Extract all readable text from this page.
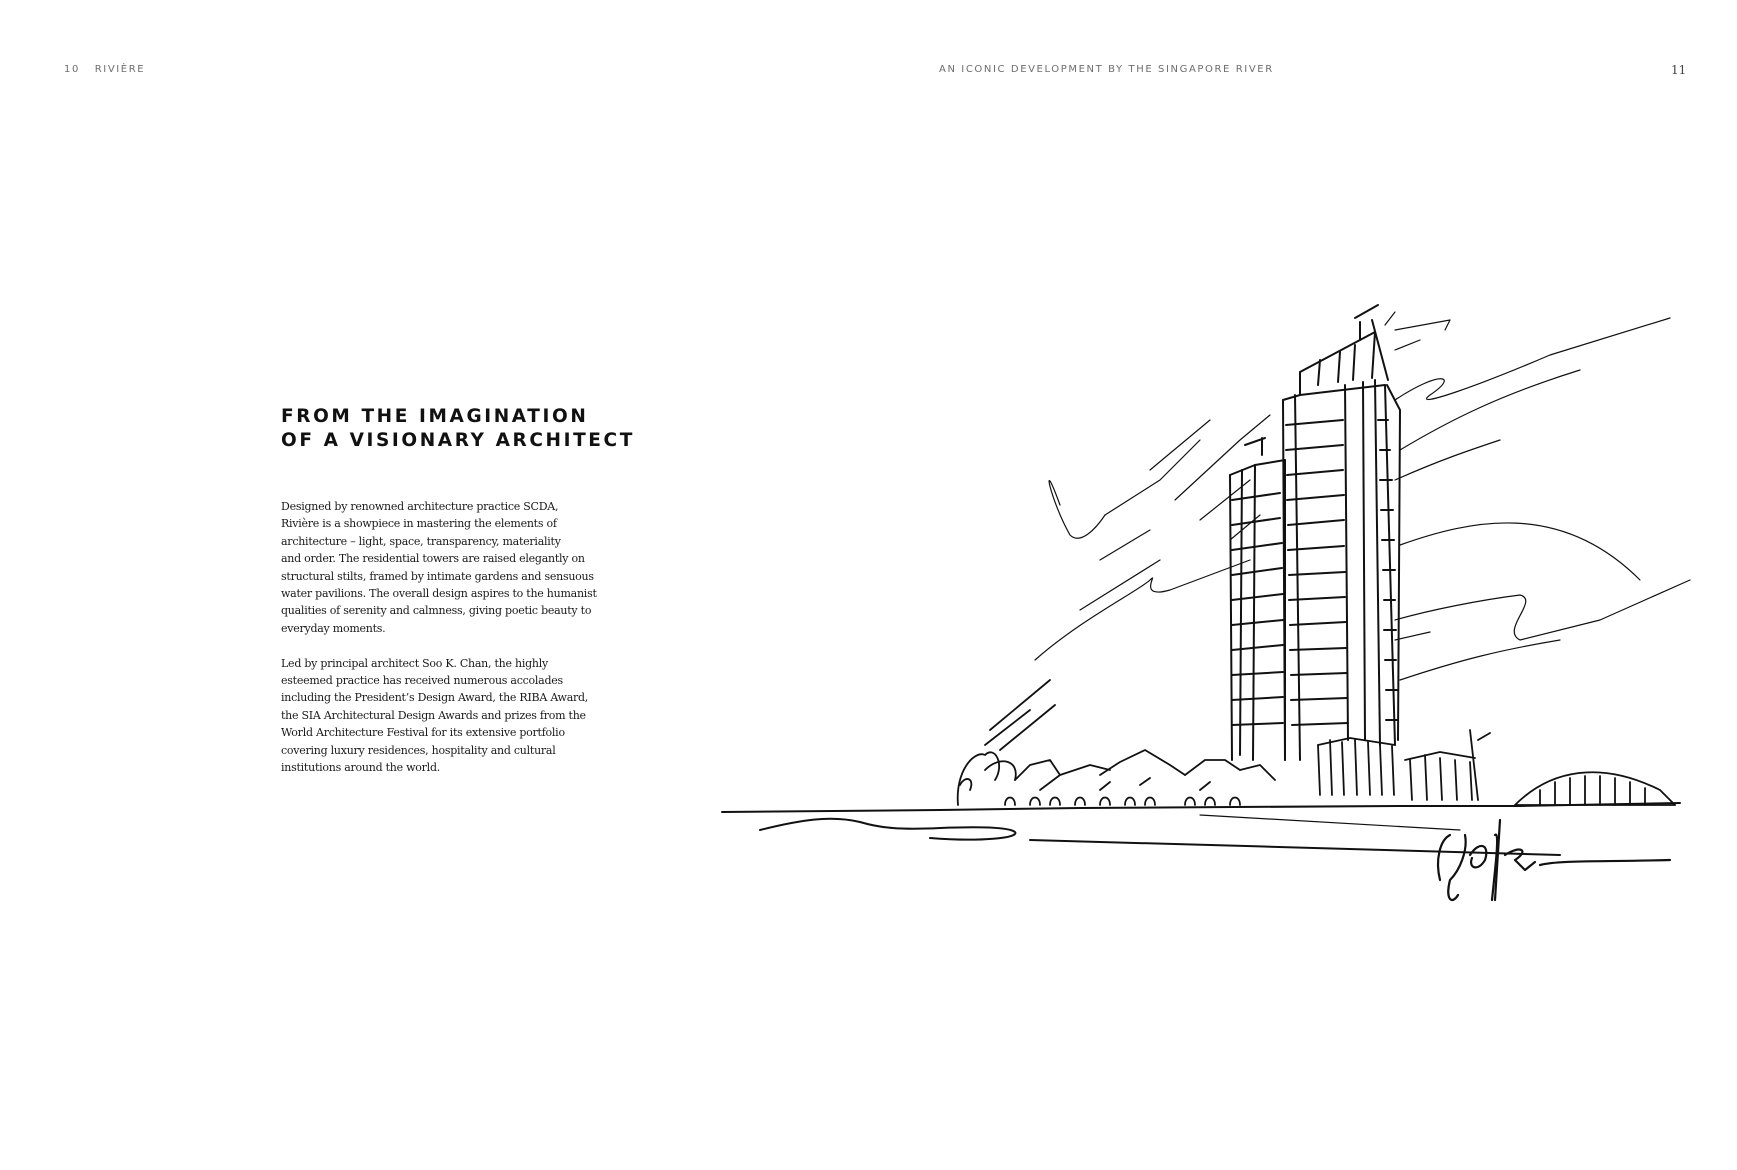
10 RIVIÈRE	AN ICONIC DEVELOPMENT BY THE SINGAPORE RIVER	11
FROM THE IMAGINATION
OF A VISIONARY ARCHITECT

Designed by renowned architecture practice SCDA,
Rivière is a showpiece in mastering the elements of
architecture – light, space, transparency, materiality
and order. The residential towers are raised elegantly on
structural stilts, framed by intimate gardens and sensuous
water pavilions. The overall design aspires to the humanist
qualities of serenity and calmness, giving poetic beauty to
everyday moments.

Led by principal architect Soo K. Chan, the highly
esteemed practice has received numerous accolades
including the President’s Design Award, the RIBA Award,
the SIA Architectural Design Awards and prizes from the
World Architecture Festival for its extensive portfolio
covering luxury residences, hospitality and cultural
institutions around the world.
